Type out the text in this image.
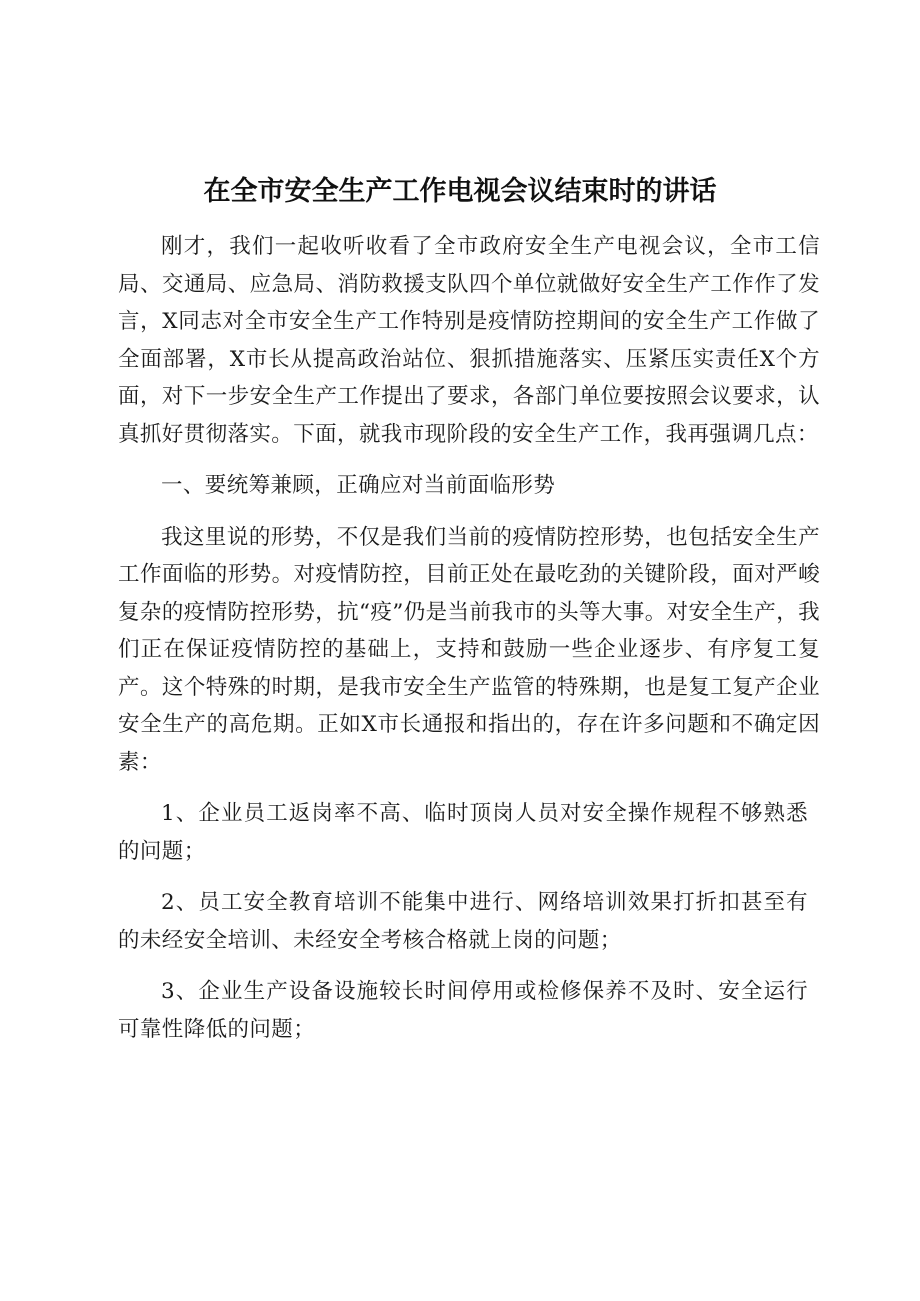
在全市安全生产工作电视会议结束时的讲话

刚才，我们一起收听收看了全市政府安全生产电视会议，全市工信局、交通局、应急局、消防救援支队四个单位就做好安全生产工作作了发言，X同志对全市安全生产工作特别是疫情防控期间的安全生产工作做了全面部署，X市长从提高政治站位、狠抓措施落实、压紧压实责任X个方面，对下一步安全生产工作提出了要求，各部门单位要按照会议要求，认真抓好贯彻落实。下面，就我市现阶段的安全生产工作，我再强调几点：

一、要统筹兼顾，正确应对当前面临形势

我这里说的形势，不仅是我们当前的疫情防控形势，也包括安全生产工作面临的形势。对疫情防控，目前正处在最吃劲的关键阶段，面对严峻复杂的疫情防控形势，抗“疫”仍是当前我市的头等大事。对安全生产，我们正在保证疫情防控的基础上，支持和鼓励一些企业逐步、有序复工复产。这个特殊的时期，是我市安全生产监管的特殊期，也是复工复产企业安全生产的高危期。正如X市长通报和指出的，存在许多问题和不确定因素：

1、企业员工返岗率不高、临时顶岗人员对安全操作规程不够熟悉的问题；

2、员工安全教育培训不能集中进行、网络培训效果打折扣甚至有的未经安全培训、未经安全考核合格就上岗的问题；

3、企业生产设备设施较长时间停用或检修保养不及时、安全运行可靠性降低的问题；
